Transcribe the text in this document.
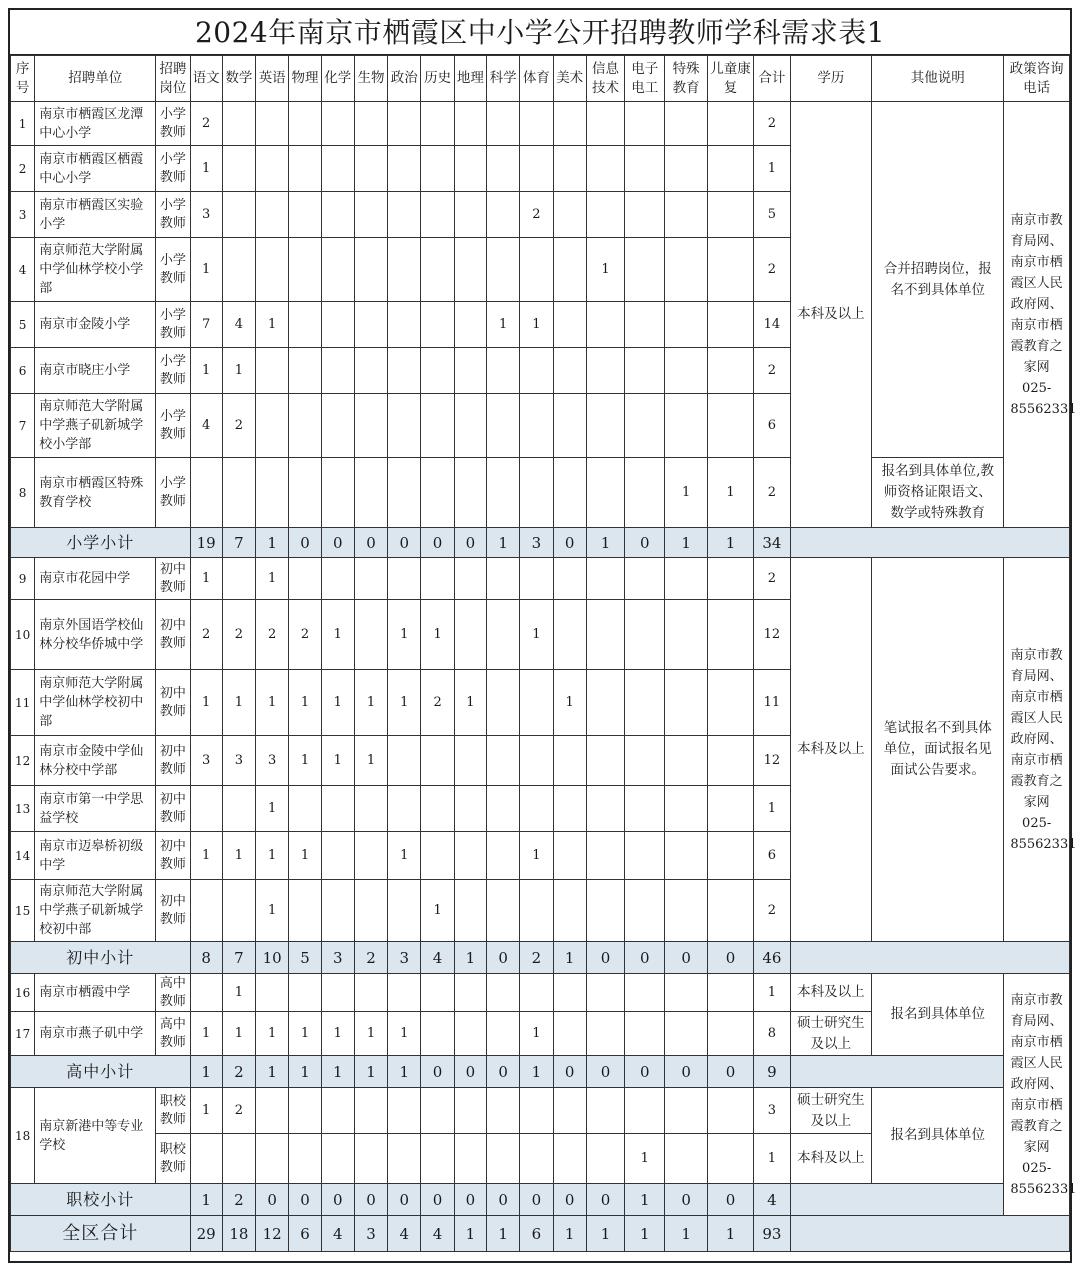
2024年南京市栖霞区中小学公开招聘教师学科需求表1
序号	招聘单位	招聘岗位	语文	数学	英语	物理	化学	生物	政治	历史	地理	科学	体育	美术	信息技术	电子电工	特殊教育	儿童康复	合计	学历	其他说明	政策咨询电话
1	南京市栖霞区龙潭中心小学	小学教师	2																2	本科及以上	合并招聘岗位，报名不到具体单位	南京市教育局网、南京市栖霞区人民政府网、南京市栖霞教育之家网025-85562331
2	南京市栖霞区栖霞中心小学	小学教师	1																1			
3	南京市栖霞区实验小学	小学教师	3										2						5			
4	南京师范大学附属中学仙林学校小学部	小学教师	1												1				2			
5	南京市金陵小学	小学教师	7	4	1							1	1						14			
6	南京市晓庄小学	小学教师	1	1															2			
7	南京师范大学附属中学燕子矶新城学校小学部	小学教师	4	2															6			
8	南京市栖霞区特殊教育学校	小学教师															1	1	2		报名到具体单位,教师资格证限语文、数学或特殊教育	
小学小计			19	7	1	0	0	0	0	0	0	1	3	0	1	0	1	1	34			
9	南京市花园中学	初中教师	1		1														2	本科及以上	笔试报名不到具体单位，面试报名见面试公告要求。	南京市教育局网、南京市栖霞区人民政府网、南京市栖霞教育之家网025-85562331
10	南京外国语学校仙林分校华侨城中学	初中教师	2	2	2	2	1		1	1			1						12			
11	南京师范大学附属中学仙林学校初中部	初中教师	1	1	1	1	1	1	1	2	1			1					11			
12	南京市金陵中学仙林分校中学部	初中教师	3	3	3	1	1	1											12			
13	南京市第一中学思益学校	初中教师			1														1			
14	南京市迈皋桥初级中学	初中教师	1	1	1	1			1				1						6			
15	南京师范大学附属中学燕子矶新城学校初中部	初中教师			1					1									2			
初中小计			8	7	10	5	3	2	3	4	1	0	2	1	0	0	0	0	46			
16	南京市栖霞中学	高中教师		1															1	本科及以上	报名到具体单位	南京市教育局网、南京市栖霞区人民政府网、南京市栖霞教育之家网025-85562331
17	南京市燕子矶中学	高中教师	1	1	1	1	1	1	1				1						8	硕士研究生及以上		
高中小计			1	2	1	1	1	1	1	0	0	0	1	0	0	0	0	0	9			
18	南京新港中等专业学校	职校教师	1	2															3	硕士研究生及以上	报名到具体单位	
		职校教师														1			1	本科及以上		
职校小计			1	2	0	0	0	0	0	0	0	0	0	0	0	1	0	0	4			
全区合计			29	18	12	6	4	3	4	4	1	1	6	1	1	1	1	1	93			
